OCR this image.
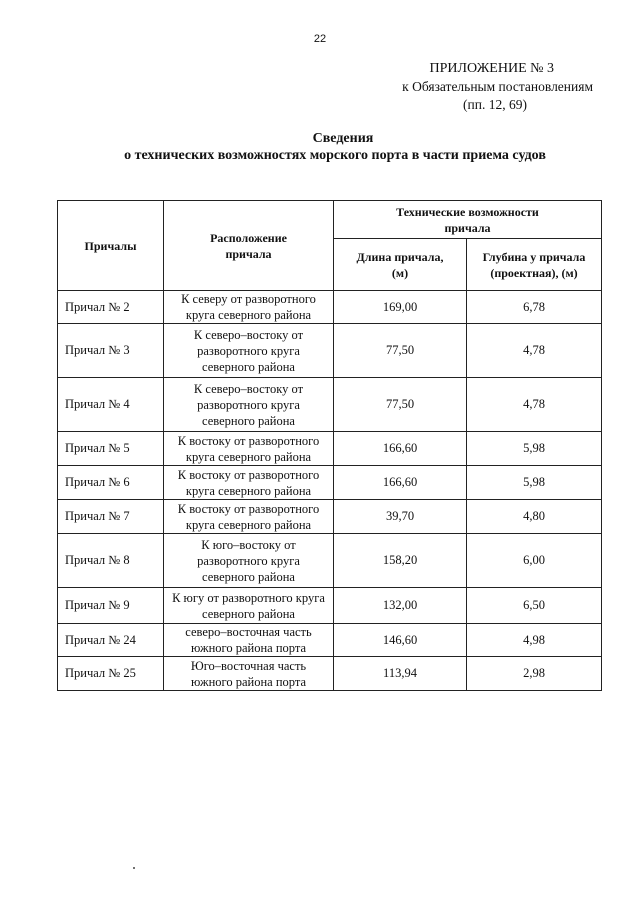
22
ПРИЛОЖЕНИЕ № 3
к Обязательным постановлениям
(пп. 12, 69)
Сведения
о технических возможностях морского порта в части приема судов
Причалы	Расположение причала	Технические возможности причала	
		Длина причала, (м)	Глубина у причала (проектная), (м)
Причал № 2	К северу от разворотного круга северного района	169,00	6,78
Причал № 3	К северо–востоку от разворотного круга северного района	77,50	4,78
Причал № 4	К северо–востоку от разворотного круга северного района	77,50	4,78
Причал № 5	К востоку от разворотного круга северного района	166,60	5,98
Причал № 6	К востоку от разворотного круга северного района	166,60	5,98
Причал № 7	К востоку от разворотного круга северного района	39,70	4,80
Причал № 8	К юго–востоку от разворотного круга северного района	158,20	6,00
Причал № 9	К югу от разворотного круга северного района	132,00	6,50
Причал № 24	северо–восточная часть южного района порта	146,60	4,98
Причал № 25	Юго–восточная часть южного района порта	113,94	2,98
